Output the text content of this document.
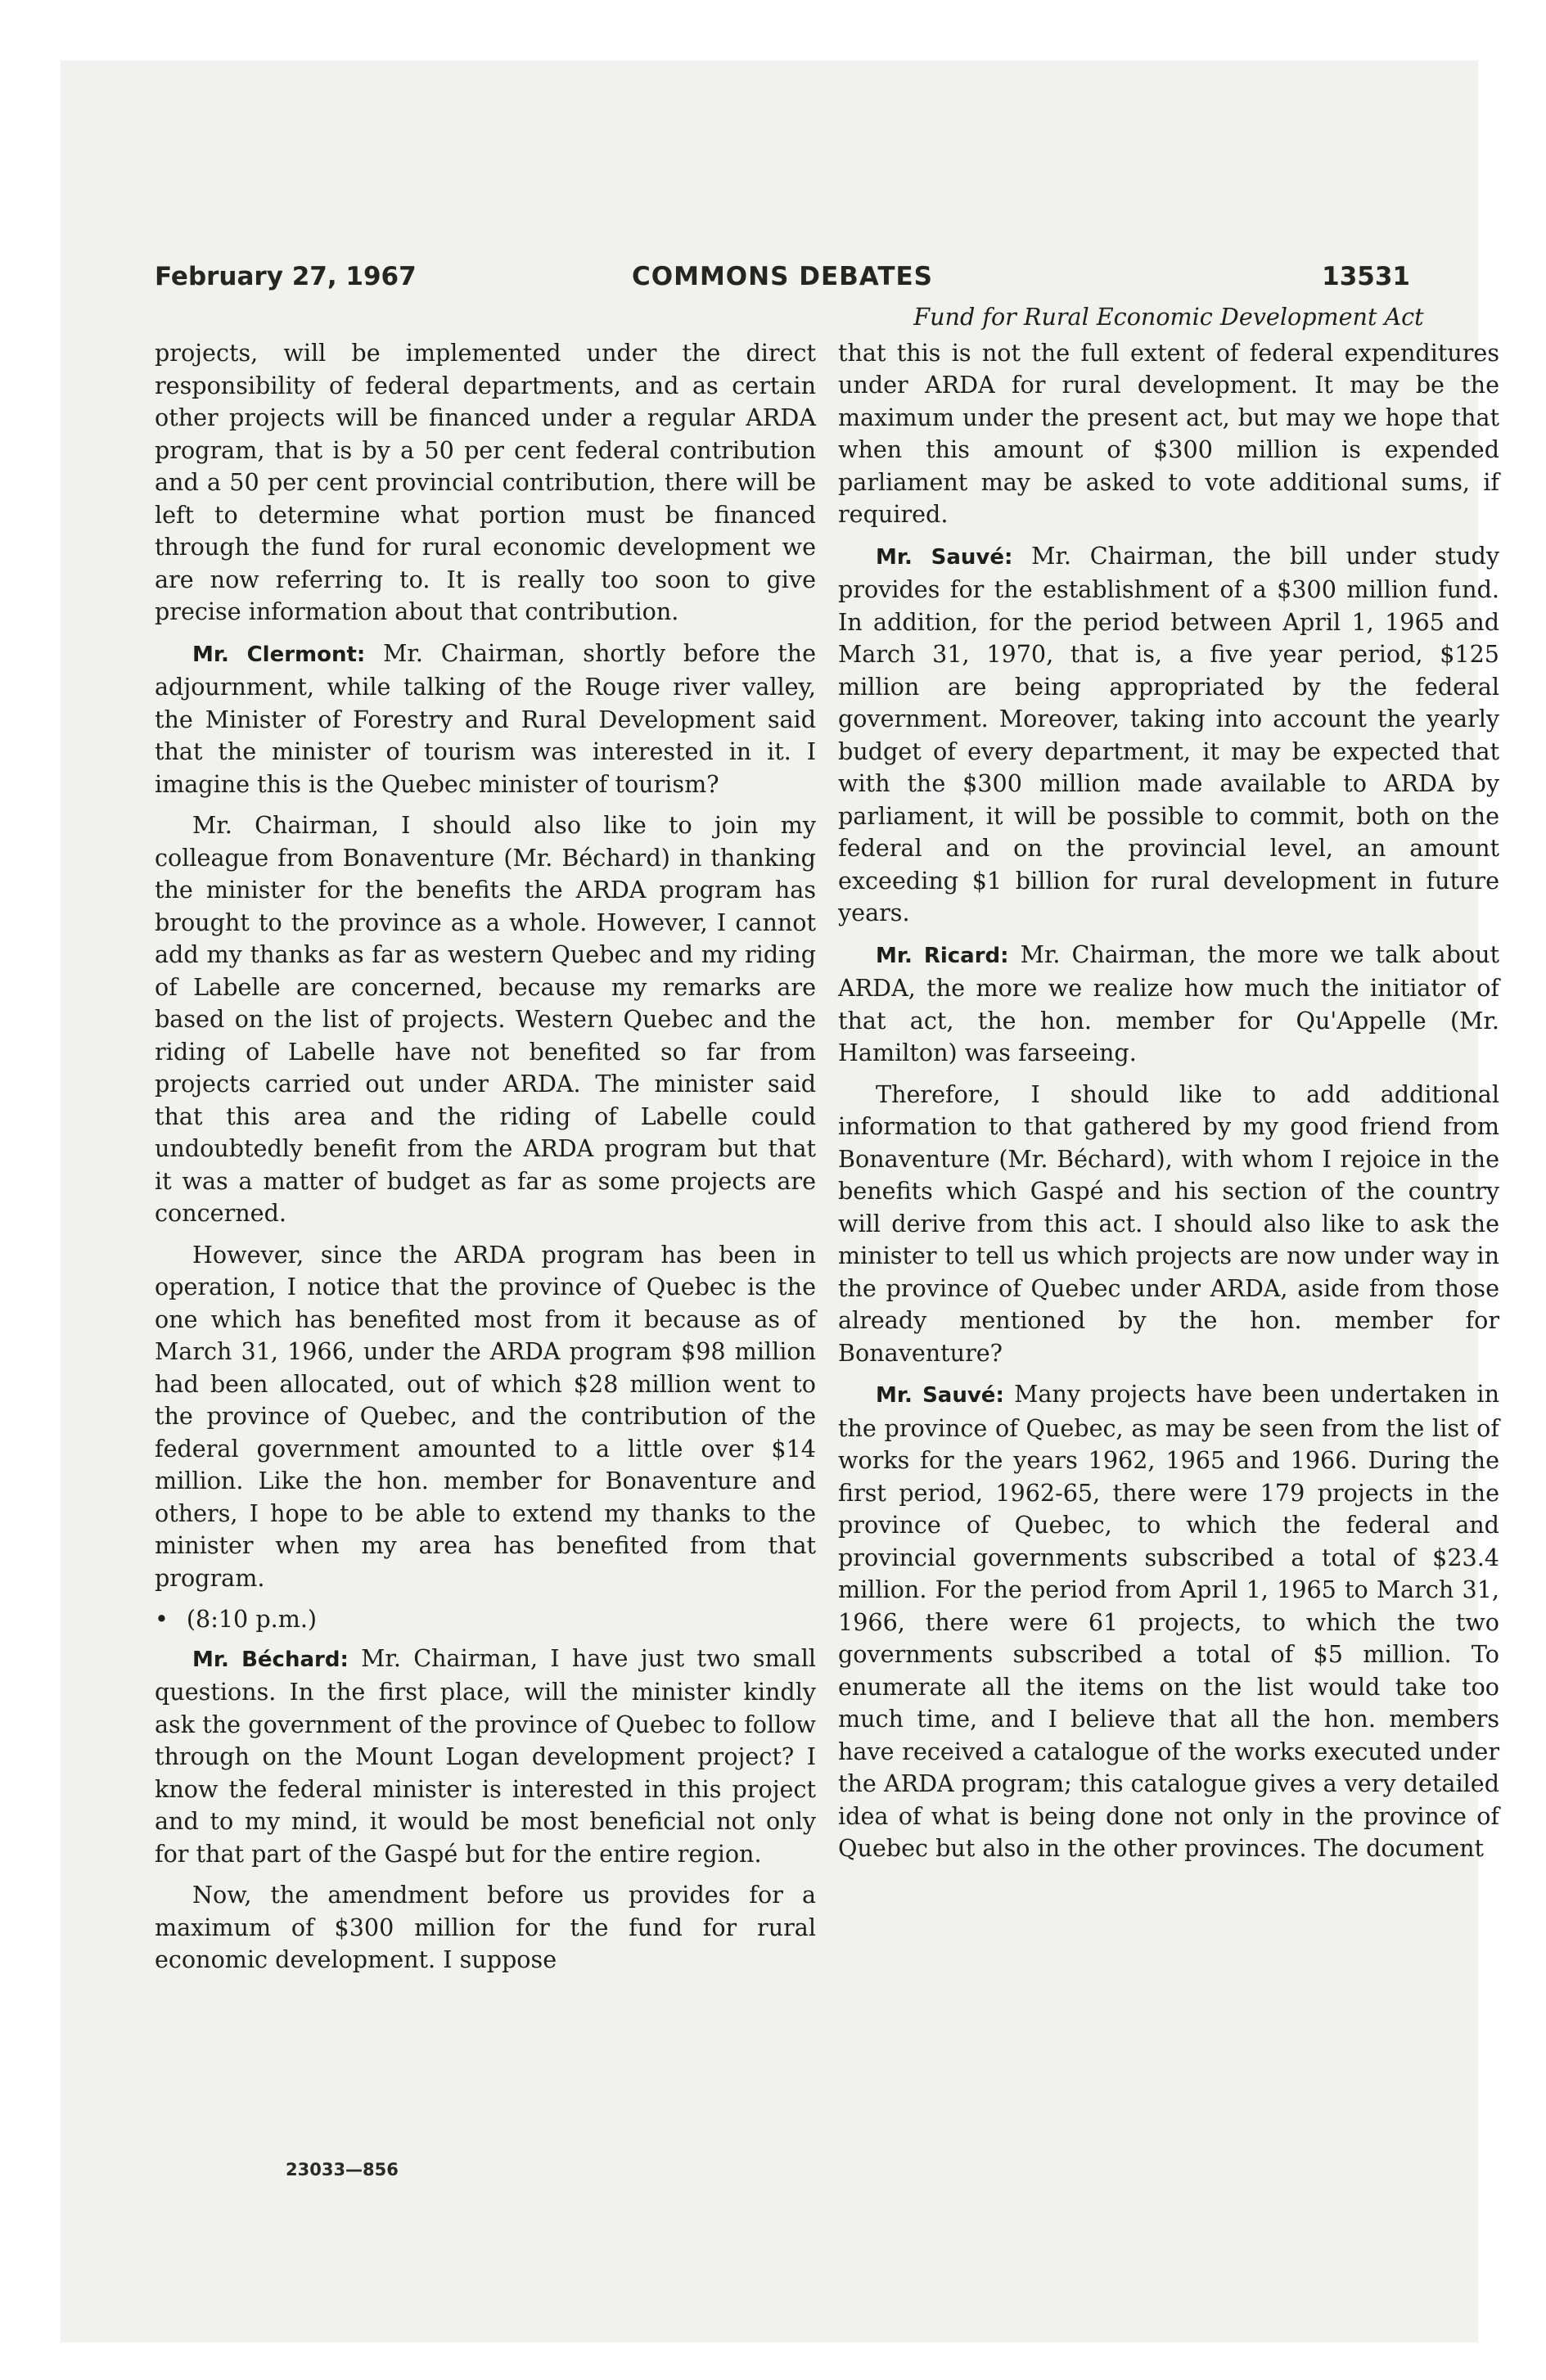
February 27, 1967	COMMONS DEBATES	13531

projects, will be implemented under the direct responsibility of federal departments, and as certain other projects will be financed under a regular ARDA program, that is by a 50 per cent federal contribution and a 50 per cent provincial contribution, there will be left to determine what portion must be financed through the fund for rural economic development we are now referring to. It is really too soon to give precise information about that contribution.

Mr. Clermont: Mr. Chairman, shortly before the adjournment, while talking of the Rouge river valley, the Minister of Forestry and Rural Development said that the minister of tourism was interested in it. I imagine this is the Quebec minister of tourism?

Mr. Chairman, I should also like to join my colleague from Bonaventure (Mr. Béchard) in thanking the minister for the benefits the ARDA program has brought to the province as a whole. However, I cannot add my thanks as far as western Quebec and my riding of Labelle are concerned, because my remarks are based on the list of projects. Western Quebec and the riding of Labelle have not benefited so far from projects carried out under ARDA. The minister said that this area and the riding of Labelle could undoubtedly benefit from the ARDA program but that it was a matter of budget as far as some projects are concerned.

However, since the ARDA program has been in operation, I notice that the province of Quebec is the one which has benefited most from it because as of March 31, 1966, under the ARDA program $98 million had been allocated, out of which $28 million went to the province of Quebec, and the contribution of the federal government amounted to a little over $14 million. Like the hon. member for Bonaventure and others, I hope to be able to extend my thanks to the minister when my area has benefited from that program.

• (8:10 p.m.)

Mr. Béchard: Mr. Chairman, I have just two small questions. In the first place, will the minister kindly ask the government of the province of Quebec to follow through on the Mount Logan development project? I know the federal minister is interested in this project and to my mind, it would be most beneficial not only for that part of the Gaspé but for the entire region.

Now, the amendment before us provides for a maximum of $300 million for the fund for rural economic development. I suppose

23033—856

Fund for Rural Economic Development Act

that this is not the full extent of federal expenditures under ARDA for rural development. It may be the maximum under the present act, but may we hope that when this amount of $300 million is expended parliament may be asked to vote additional sums, if required.

Mr. Sauvé: Mr. Chairman, the bill under study provides for the establishment of a $300 million fund. In addition, for the period between April 1, 1965 and March 31, 1970, that is, a five year period, $125 million are being appropriated by the federal government. Moreover, taking into account the yearly budget of every department, it may be expected that with the $300 million made available to ARDA by parliament, it will be possible to commit, both on the federal and on the provincial level, an amount exceeding $1 billion for rural development in future years.

Mr. Ricard: Mr. Chairman, the more we talk about ARDA, the more we realize how much the initiator of that act, the hon. member for Qu'Appelle (Mr. Hamilton) was farseeing.

Therefore, I should like to add additional information to that gathered by my good friend from Bonaventure (Mr. Béchard), with whom I rejoice in the benefits which Gaspé and his section of the country will derive from this act. I should also like to ask the minister to tell us which projects are now under way in the province of Quebec under ARDA, aside from those already mentioned by the hon. member for Bonaventure?

Mr. Sauvé: Many projects have been undertaken in the province of Quebec, as may be seen from the list of works for the years 1962, 1965 and 1966. During the first period, 1962-65, there were 179 projects in the province of Quebec, to which the federal and provincial governments subscribed a total of $23.4 million. For the period from April 1, 1965 to March 31, 1966, there were 61 projects, to which the two governments subscribed a total of $5 million. To enumerate all the items on the list would take too much time, and I believe that all the hon. members have received a catalogue of the works executed under the ARDA program; this catalogue gives a very detailed idea of what is being done not only in the province of Quebec but also in the other provinces. The document
